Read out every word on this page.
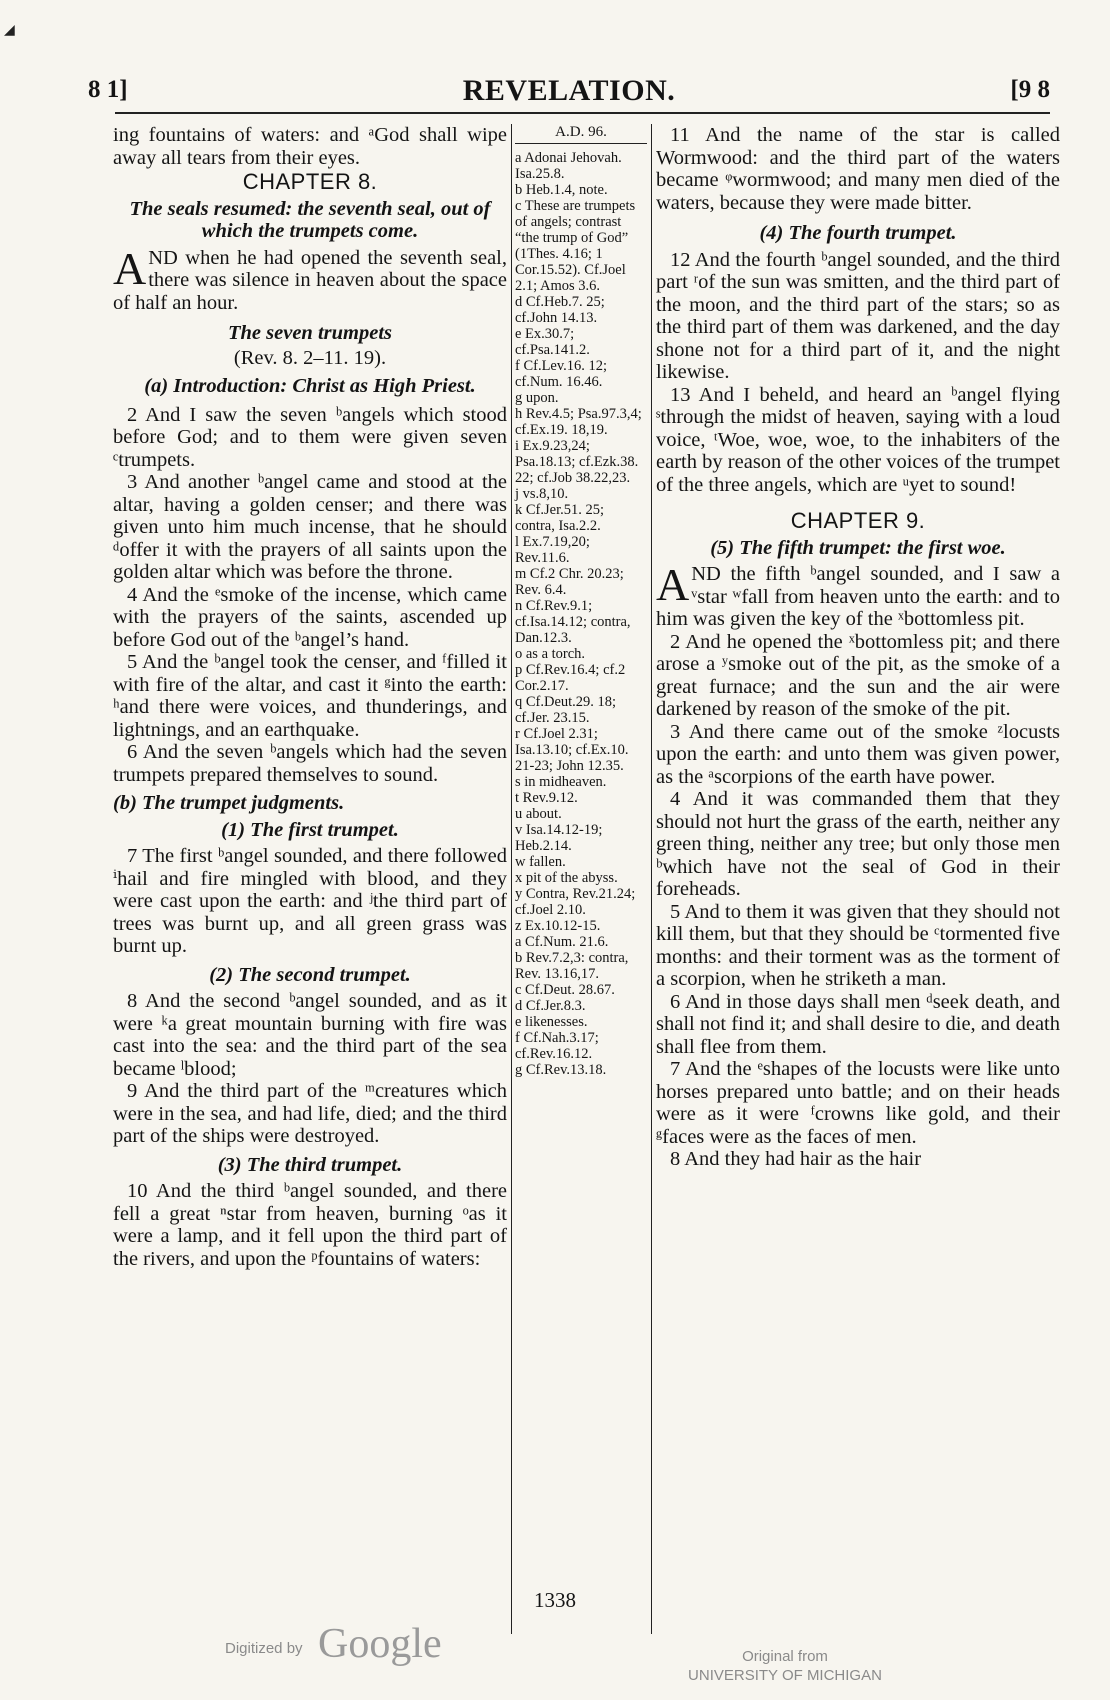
◢
8 1]	REVELATION.	[9 8

ing fountains of waters: and ᵃGod shall wipe away all tears from their eyes.

CHAPTER 8.

The seals resumed: the seventh seal, out of which the trumpets come.

AND when he had opened the seventh seal, there was silence in heaven about the space of half an hour.

The seven trumpets

(Rev. 8. 2–11. 19).

(a) Introduction: Christ as High Priest.

2 And I saw the seven ᵇangels which stood before God; and to them were given seven ᶜtrumpets.

3 And another ᵇangel came and stood at the altar, having a golden censer; and there was given unto him much incense, that he should ᵈoffer it with the prayers of all saints upon the golden altar which was before the throne.

4 And the ᵉsmoke of the incense, which came with the prayers of the saints, ascended up before God out of the ᵇangel’s hand.

5 And the ᵇangel took the censer, and ᶠfilled it with fire of the altar, and cast it ᵍinto the earth: ʰand there were voices, and thunderings, and lightnings, and an earthquake.

6 And the seven ᵇangels which had the seven trumpets prepared themselves to sound.

(b) The trumpet judgments.

(1) The first trumpet.

7 The first ᵇangel sounded, and there followed ⁱhail and fire mingled with blood, and they were cast upon the earth: and ʲthe third part of trees was burnt up, and all green grass was burnt up.

(2) The second trumpet.

8 And the second ᵇangel sounded, and as it were ᵏa great mountain burning with fire was cast into the sea: and the third part of the sea became ˡblood;

9 And the third part of the ᵐcreatures which were in the sea, and had life, died; and the third part of the ships were destroyed.

(3) The third trumpet.

10 And the third ᵇangel sounded, and there fell a great ⁿstar from heaven, burning ᵒas it were a lamp, and it fell upon the third part of the rivers, and upon the ᵖfountains of waters:

A.D. 96.
a Adonai Jehovah. Isa.25.8.
b Heb.1.4, note.
c These are trumpets of angels; contrast “the trump of God” (1Thes. 4.16; 1 Cor.15.52). Cf.Joel 2.1; Amos 3.6.
d Cf.Heb.7. 25; cf.John 14.13.
e Ex.30.7; cf.Psa.141.2.
f Cf.Lev.16. 12; cf.Num. 16.46.
g upon.
h Rev.4.5; Psa.97.3,4; cf.Ex.19. 18,19.
i Ex.9.23,24; Psa.18.13; cf.Ezk.38. 22; cf.Job 38.22,23.
j vs.8,10.
k Cf.Jer.51. 25; contra, Isa.2.2.
l Ex.7.19,20; Rev.11.6.
m Cf.2 Chr. 20.23; Rev. 6.4.
n Cf.Rev.9.1; cf.Isa.14.12; contra, Dan.12.3.
o as a torch.
p Cf.Rev.16.4; cf.2 Cor.2.17.
q Cf.Deut.29. 18; cf.Jer. 23.15.
r Cf.Joel 2.31; Isa.13.10; cf.Ex.10. 21-23; John 12.35.
s in midheaven.
t Rev.9.12.
u about.
v Isa.14.12-19; Heb.2.14.
w fallen.
x pit of the abyss.
y Contra, Rev.21.24; cf.Joel 2.10.
z Ex.10.12-15.
a Cf.Num. 21.6.
b Rev.7.2,3: contra, Rev. 13.16,17.
c Cf.Deut. 28.67.
d Cf.Jer.8.3.
e likenesses.
f Cf.Nah.3.17; cf.Rev.16.12.
g Cf.Rev.13.18.

11 And the name of the star is called Wormwood: and the third part of the waters became ᵠwormwood; and many men died of the waters, because they were made bitter.

(4) The fourth trumpet.

12 And the fourth ᵇangel sounded, and the third part ʳof the sun was smitten, and the third part of the moon, and the third part of the stars; so as the third part of them was darkened, and the day shone not for a third part of it, and the night likewise.

13 And I beheld, and heard an ᵇangel flying ˢthrough the midst of heaven, saying with a loud voice, ᵗWoe, woe, woe, to the inhabiters of the earth by reason of the other voices of the trumpet of the three angels, which are ᵘyet to sound!

CHAPTER 9.

(5) The fifth trumpet: the first woe.

AND the fifth ᵇangel sounded, and I saw a ᵛstar ʷfall from heaven unto the earth: and to him was given the key of the ˣbottomless pit.

2 And he opened the ˣbottomless pit; and there arose a ʸsmoke out of the pit, as the smoke of a great furnace; and the sun and the air were darkened by reason of the smoke of the pit.

3 And there came out of the smoke ᶻlocusts upon the earth: and unto them was given power, as the ᵃscorpions of the earth have power.

4 And it was commanded them that they should not hurt the grass of the earth, neither any green thing, neither any tree; but only those men ᵇwhich have not the seal of God in their foreheads.

5 And to them it was given that they should not kill them, but that they should be ᶜtormented five months: and their torment was as the torment of a scorpion, when he striketh a man.

6 And in those days shall men ᵈseek death, and shall not find it; and shall desire to die, and death shall flee from them.

7 And the ᵉshapes of the locusts were like unto horses prepared unto battle; and on their heads were as it were ᶠcrowns like gold, and their ᵍfaces were as the faces of men.

8 And they had hair as the hair

1338
Digitized by Google	Original from
UNIVERSITY OF MICHIGAN
